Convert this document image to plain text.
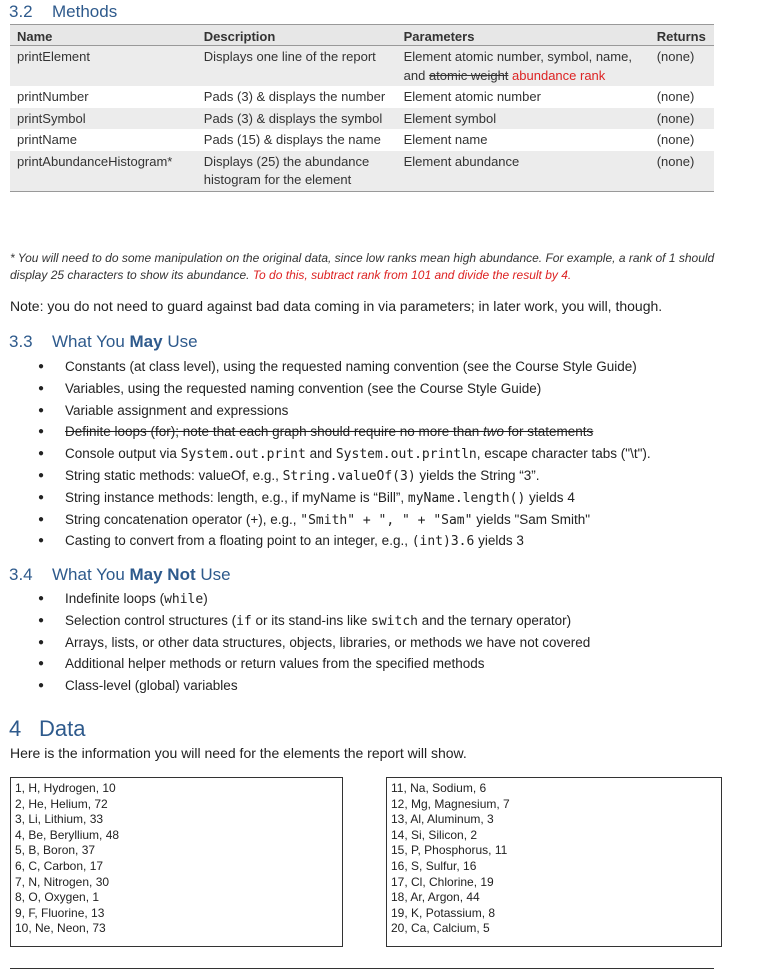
3.2 Methods
Name	Description	Parameters	Returns
printElement	Displays one line of the report	Element atomic number, symbol, name, and atomic weight abundance rank	(none)
printNumber	Pads (3) & displays the number	Element atomic number	(none)
printSymbol	Pads (3) & displays the symbol	Element symbol	(none)
printName	Pads (15) & displays the name	Element name	(none)
printAbundanceHistogram*	Displays (25) the abundance histogram for the element	Element abundance	(none)
* You will need to do some manipulation on the original data, since low ranks mean high abundance. For example, a rank of 1 should display 25 characters to show its abundance. To do this, subtract rank from 101 and divide the result by 4.
Note: you do not need to guard against bad data coming in via parameters; in later work, you will, though.
3.3 What You May Use
● Constants (at class level), using the requested naming convention (see the Course Style Guide)
● Variables, using the requested naming convention (see the Course Style Guide)
● Variable assignment and expressions
● Definite loops (for); note that each graph should require no more than two for statements
● Console output via System.out.print and System.out.println, escape character tabs ("\t").
● String static methods: valueOf, e.g., String.valueOf(3) yields the String “3”.
● String instance methods: length, e.g., if myName is “Bill”, myName.length() yields 4
● String concatenation operator (+), e.g., "Smith" + ", " + "Sam" yields "Sam Smith"
● Casting to convert from a floating point to an integer, e.g., (int)3.6 yields 3
3.4 What You May Not Use
● Indefinite loops (while)
● Selection control structures (if or its stand-ins like switch and the ternary operator)
● Arrays, lists, or other data structures, objects, libraries, or methods we have not covered
● Additional helper methods or return values from the specified methods
● Class-level (global) variables
4 Data
Here is the information you will need for the elements the report will show.
1, H, Hydrogen, 10
2, He, Helium, 72
3, Li, Lithium, 33
4, Be, Beryllium, 48
5, B, Boron, 37
6, C, Carbon, 17
7, N, Nitrogen, 30
8, O, Oxygen, 1
9, F, Fluorine, 13
10, Ne, Neon, 73
11, Na, Sodium, 6
12, Mg, Magnesium, 7
13, Al, Aluminum, 3
14, Si, Silicon, 2
15, P, Phosphorus, 11
16, S, Sulfur, 16
17, Cl, Chlorine, 19
18, Ar, Argon, 44
19, K, Potassium, 8
20, Ca, Calcium, 5
